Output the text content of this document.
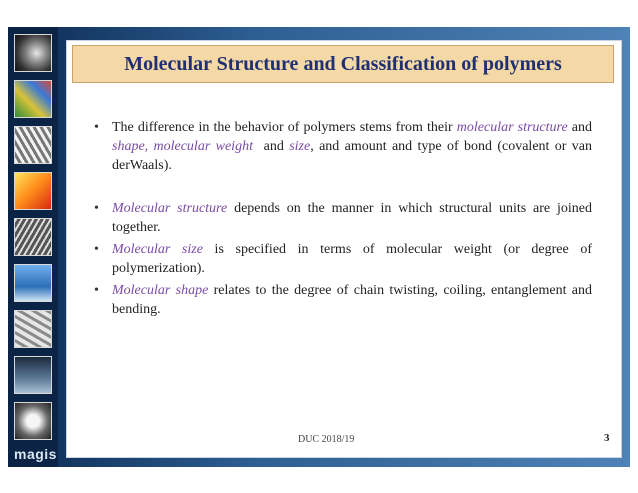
magis
Molecular Structure and Classification of polymers
• The difference in the behavior of polymers stems from their molecular structure and shape, molecular weight  and size, and amount and type of bond (covalent or van derWaals).
• Molecular structure depends on the manner in which structural units are joined together.
• Molecular size is specified in terms of molecular weight (or degree of polymerization).
• Molecular shape relates to the degree of chain twisting, coiling, entanglement and bending.
DUC 2018/19	3
